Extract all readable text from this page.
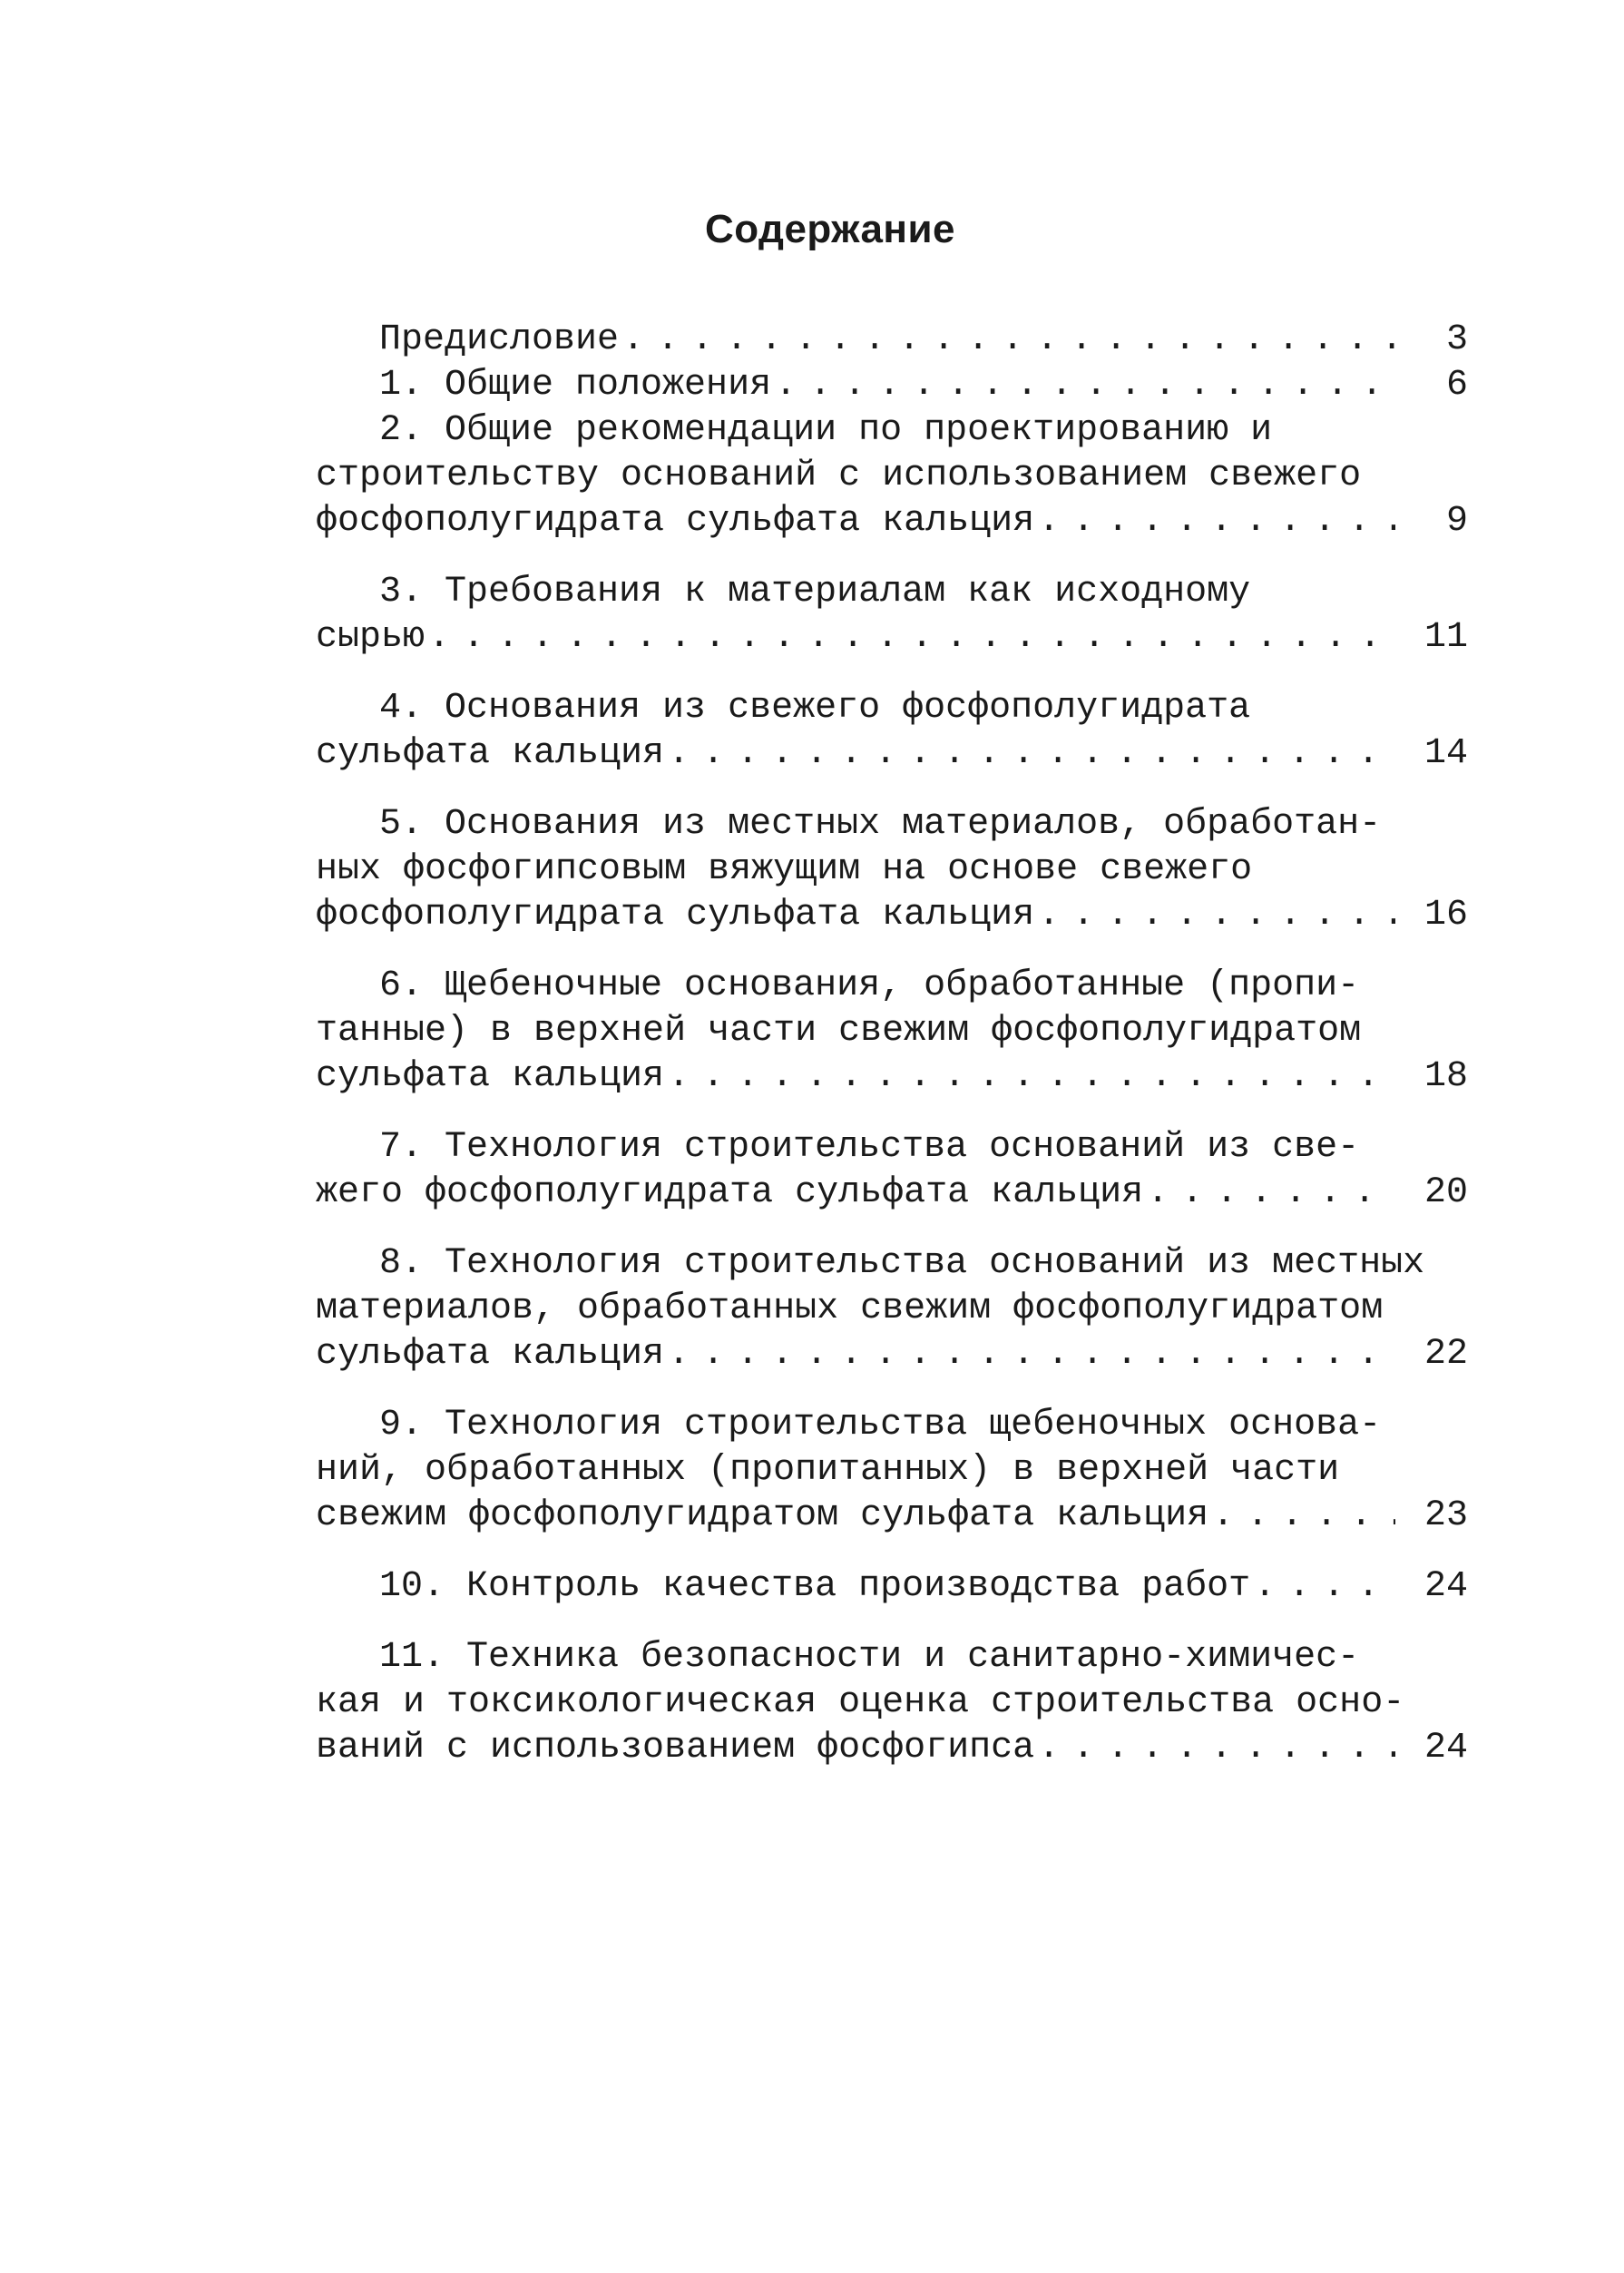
Содержание
Предисловие .....	3
1. Общие положения .....	6
2. Общие рекомендации по проектированию и
строительству оснований с использованием свежего
фосфополугидрата сульфата кальция .....	9
3. Требования к материалам как исходному
сырью .....	11
4. Основания из свежего фосфополугидрата
сульфата кальция .....	14
5. Основания из местных материалов, обработан-
ных фосфогипсовым вяжущим на основе свежего
фосфополугидрата сульфата кальция .....	16
6. Щебеночные основания, обработанные (пропи-
танные) в верхней части свежим фосфополугидратом
сульфата кальция .....	18
7. Технология строительства оснований из све-
жего фосфополугидрата сульфата кальция .....	20
8. Технология строительства оснований из местных
материалов, обработанных свежим фосфополугидратом
сульфата кальция .....	22
9. Технология строительства щебеночных основа-
ний, обработанных (пропитанных) в верхней части
свежим фосфополугидратом сульфата кальция .....	23
10. Контроль качества производства работ .....	24
11. Техника безопасности и санитарно-химичес-
кая и токсикологическая оценка строительства осно-
ваний с использованием фосфогипса .....	24
